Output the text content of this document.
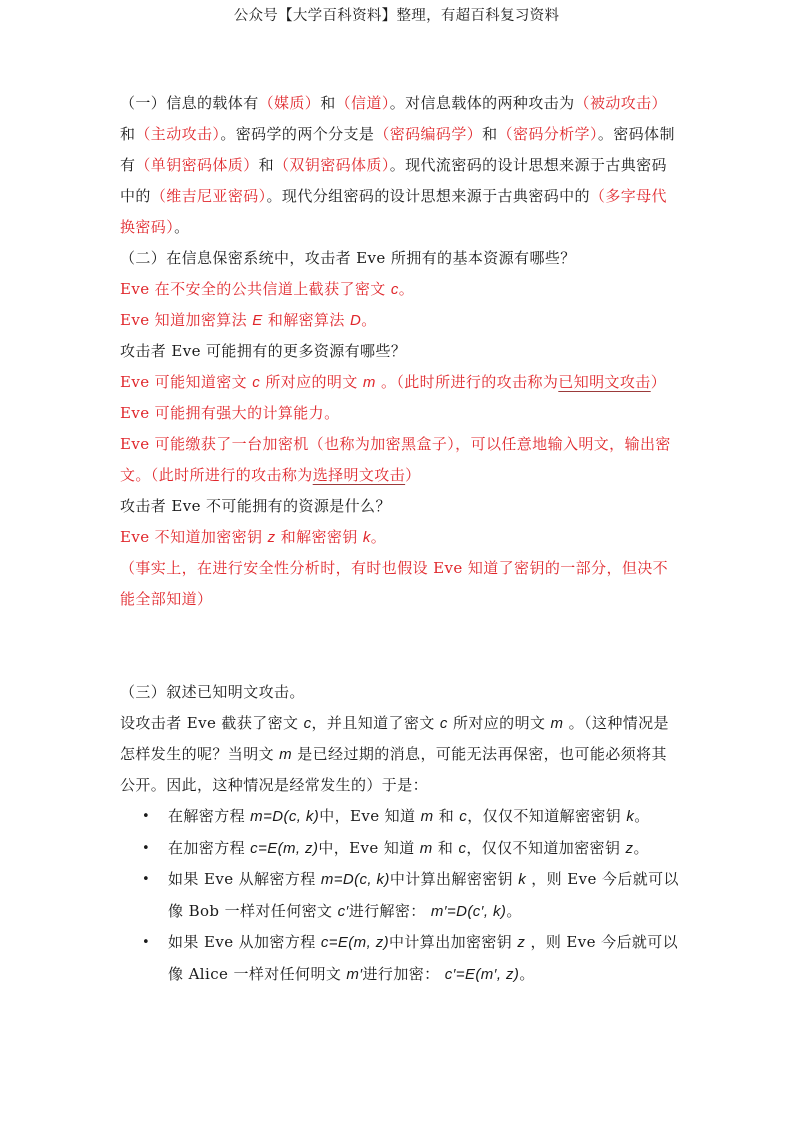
公众号【大学百科资料】整理，有超百科复习资料

（一）信息的载体有（媒质）和（信道）。对信息载体的两种攻击为（被动攻击）和（主动攻击）。密码学的两个分支是（密码编码学）和（密码分析学）。密码体制有（单钥密码体质）和（双钥密码体质）。现代流密码的设计思想来源于古典密码中的（维吉尼亚密码）。现代分组密码的设计思想来源于古典密码中的（多字母代换密码）。

（二）在信息保密系统中，攻击者 Eve 所拥有的基本资源有哪些？

Eve 在不安全的公共信道上截获了密文 c。

Eve 知道加密算法 E 和解密算法 D。

攻击者 Eve 可能拥有的更多资源有哪些？

Eve 可能知道密文 c 所对应的明文 m 。（此时所进行的攻击称为已知明文攻击）

Eve 可能拥有强大的计算能力。

Eve 可能缴获了一台加密机（也称为加密黑盒子），可以任意地输入明文，输出密文。（此时所进行的攻击称为选择明文攻击）

攻击者 Eve 不可能拥有的资源是什么？

Eve 不知道加密密钥 z 和解密密钥 k。

（事实上，在进行安全性分析时，有时也假设 Eve 知道了密钥的一部分，但决不能全部知道）

（三）叙述已知明文攻击。

设攻击者 Eve 截获了密文 c，并且知道了密文 c 所对应的明文 m 。（这种情况是怎样发生的呢？当明文 m 是已经过期的消息，可能无法再保密，也可能必须将其公开。因此，这种情况是经常发生的）于是：

• 在解密方程 m=D(c, k)中，Eve 知道 m 和 c，仅仅不知道解密密钥 k。
• 在加密方程 c=E(m, z)中，Eve 知道 m 和 c，仅仅不知道加密密钥 z。
• 如果 Eve 从解密方程 m=D(c, k)中计算出解密密钥 k ，则 Eve 今后就可以像 Bob 一样对任何密文 c′进行解密： m′=D(c′, k)。
• 如果 Eve 从加密方程 c=E(m, z)中计算出加密密钥 z ，则 Eve 今后就可以像 Alice 一样对任何明文 m′进行加密： c′=E(m′, z)。
